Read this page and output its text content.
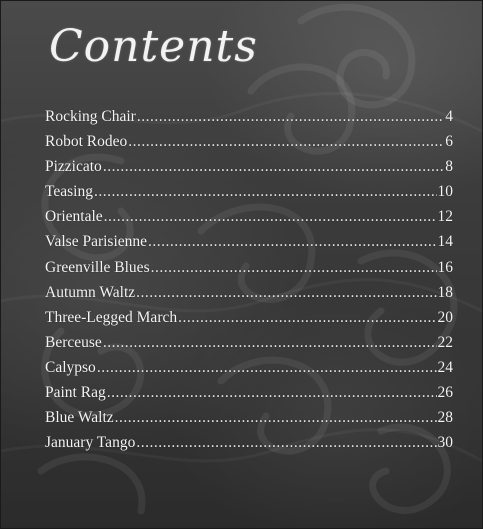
Contents
Rocking Chair .....	4
Robot Rodeo .....	6
Pizzicato .....	8
Teasing .....	10
Orientale .....	12
Valse Parisienne .....	14
Greenville Blues .....	16
Autumn Waltz .....	18
Three-Legged March .....	20
Berceuse .....	22
Calypso .....	24
Paint Rag .....	26
Blue Waltz .....	28
January Tango .....	30
